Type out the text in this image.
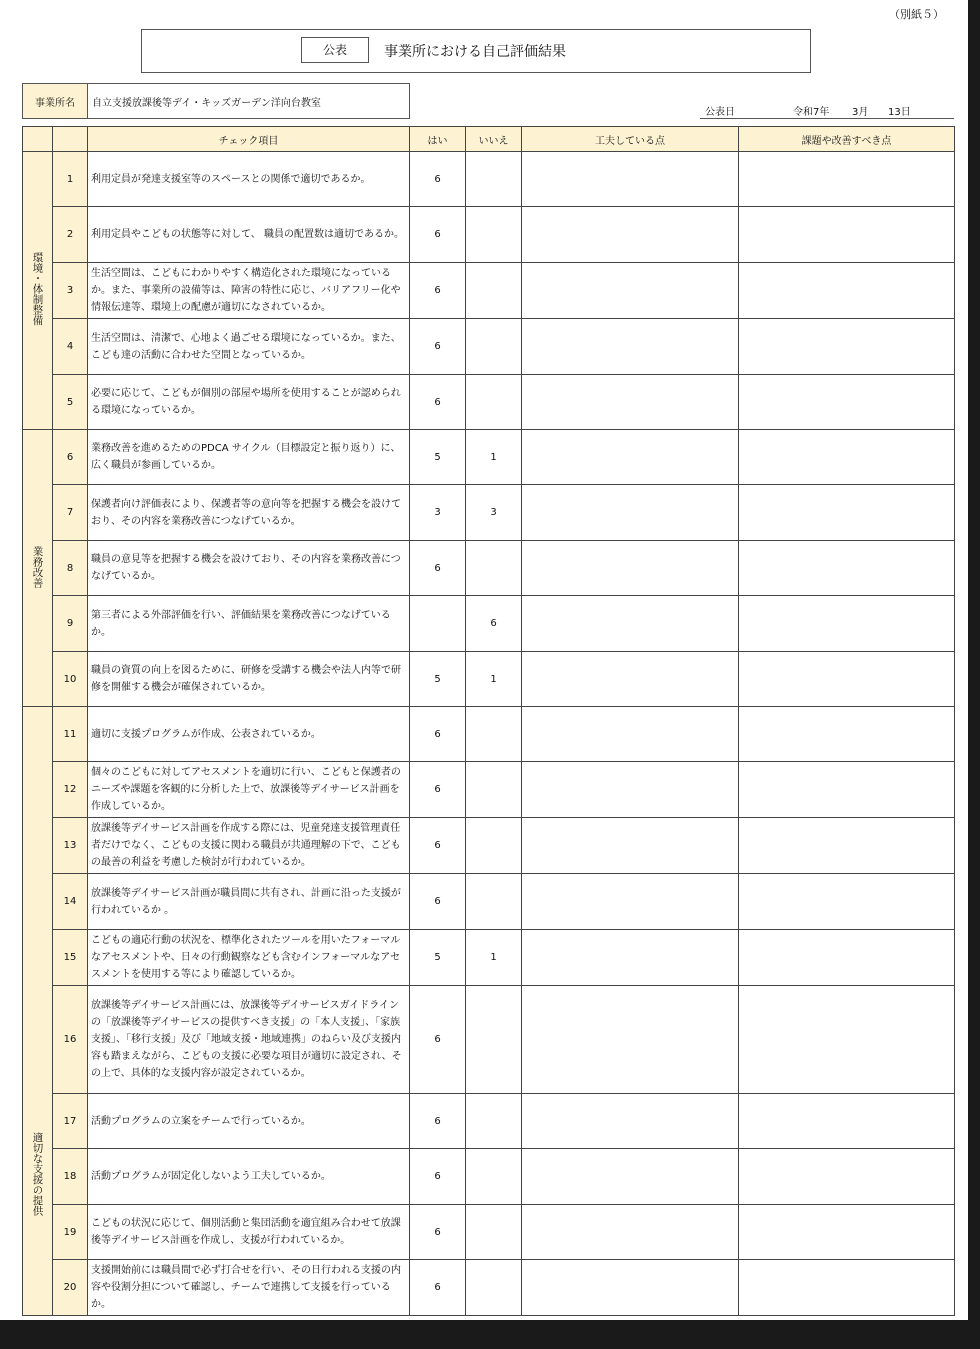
（別紙５）
公表	事業所における自己評価結果
事業所名	自立支援放課後等デイ・キッズガーデン洋向台教室
公表日	令和7年 3月 13日
		チェック項目	はい	いいえ	工夫している点	課題や改善すべき点
環境・体制整備	1	利用定員が発達支援室等のスペースとの関係で適切であるか。	6			
	2	利用定員やこどもの状態等に対して、 職員の配置数は適切であるか。	6			
	3	生活空間は、こどもにわかりやすく構造化された環境になっているか。また、事業所の設備等は、障害の特性に応じ、バリアフリー化や情報伝達等、環境上の配慮が適切になされているか。	6			
	4	生活空間は、清潔で、心地よく過ごせる環境になっているか。また、こども達の活動に合わせた空間となっているか。	6			
	5	必要に応じて、こどもが個別の部屋や場所を使用することが認められる環境になっているか。	6			
業務改善	6	業務改善を進めるためのPDCA サイクル（目標設定と振り返り）に、広く職員が参画しているか。	5	1		
	7	保護者向け評価表により、保護者等の意向等を把握する機会を設けており、その内容を業務改善につなげているか。	3	3		
	8	職員の意見等を把握する機会を設けており、その内容を業務改善につなげているか。	6			
	9	第三者による外部評価を行い、評価結果を業務改善につなげているか。		6		
	10	職員の資質の向上を図るために、研修を受講する機会や法人内等で研修を開催する機会が確保されているか。	5	1		
適切な支援の提供	11	適切に支援プログラムが作成、公表されているか。	6			
	12	個々のこどもに対してアセスメントを適切に行い、こどもと保護者のニーズや課題を客観的に分析した上で、放課後等デイサービス計画を作成しているか。	6			
	13	放課後等デイサービス計画を作成する際には、児童発達支援管理責任者だけでなく、こどもの支援に関わる職員が共通理解の下で、こどもの最善の利益を考慮した検討が行われているか。	6			
	14	放課後等デイサービス計画が職員間に共有され、計画に沿った支援が行われているか 。	6			
	15	こどもの適応行動の状況を、標準化されたツールを用いたフォーマルなアセスメントや、日々の行動観察なども含むインフォーマルなアセスメントを使用する等により確認しているか。	5	1		
	16	放課後等デイサービス計画には、放課後等デイサービスガイドラインの「放課後等デイサービスの提供すべき支援」の「本人支援」、「家族支援」、「移行支援」及び「地域支援・地域連携」のねらい及び支援内容も踏まえながら、こどもの支援に必要な項目が適切に設定され、その上で、具体的な支援内容が設定されているか。	6			
	17	活動プログラムの立案をチームで行っているか。	6			
	18	活動プログラムが固定化しないよう工夫しているか。	6			
	19	こどもの状況に応じて、個別活動と集団活動を適宜組み合わせて放課後等デイサービス計画を作成し、支援が行われているか。	6			
	20	支援開始前には職員間で必ず打合せを行い、その日行われる支援の内容や役割分担について確認し、チームで連携して支援を行っているか。	6			
